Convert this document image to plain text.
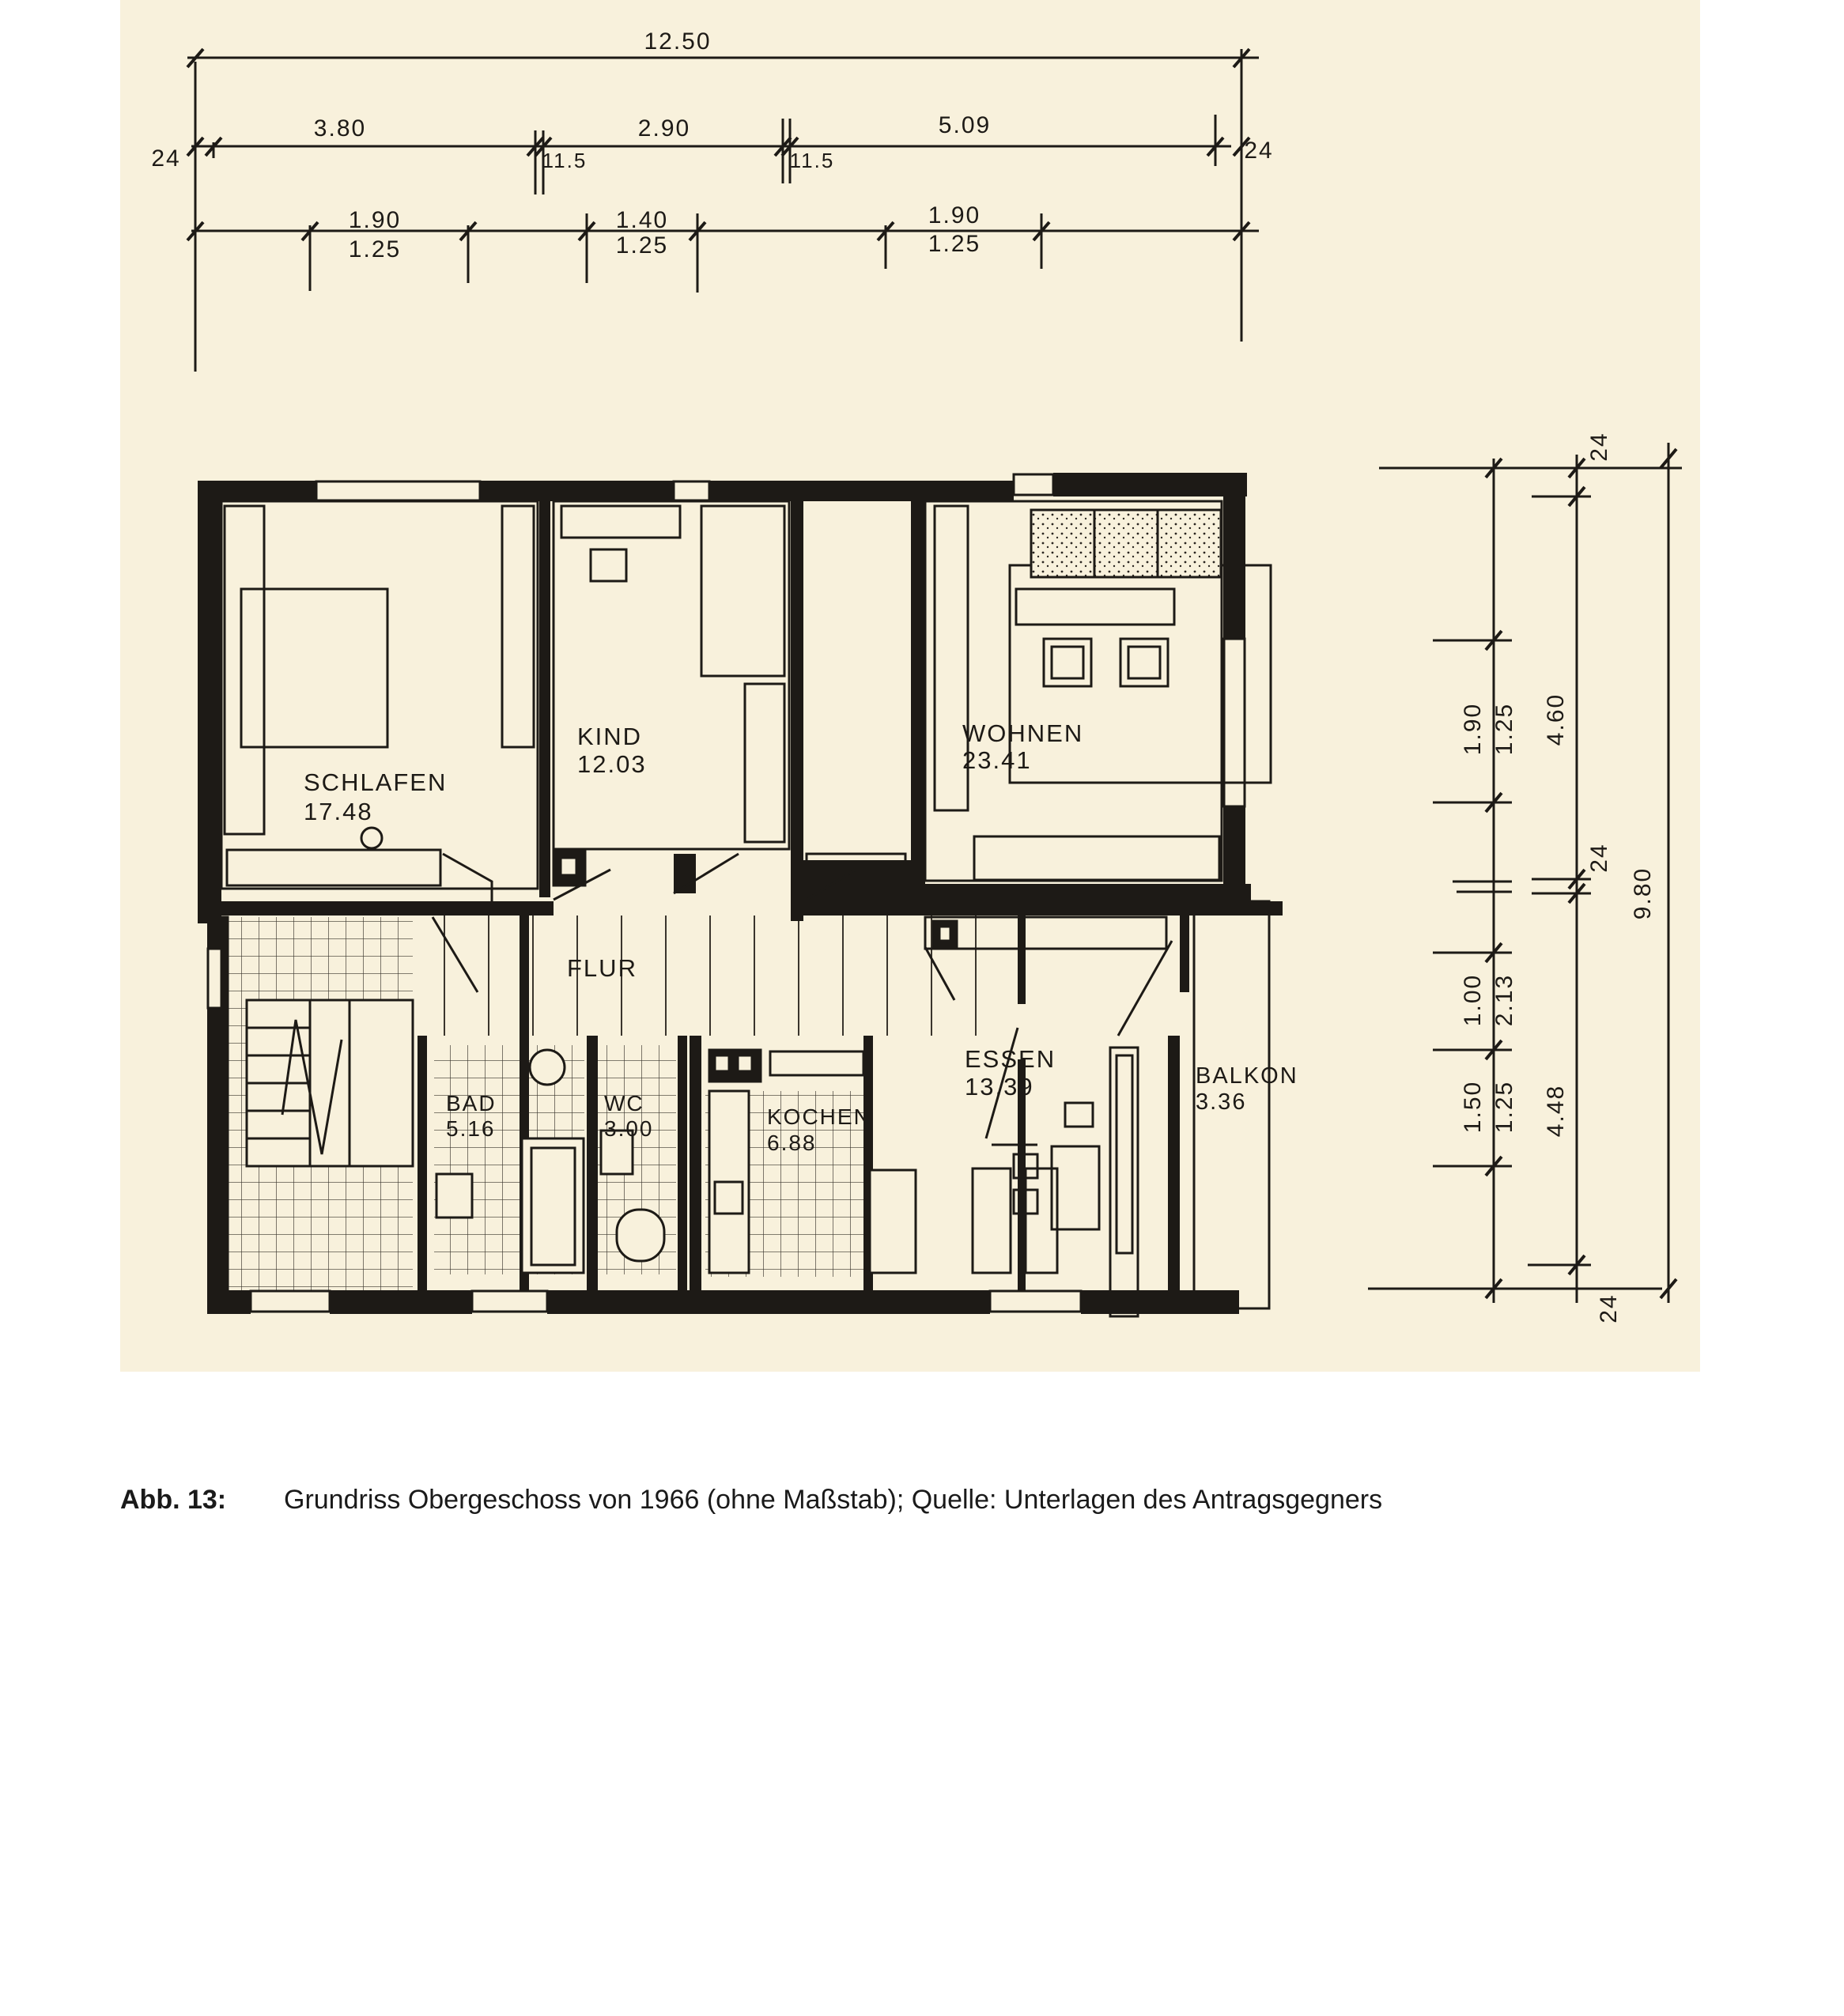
12.50
3.80	2.90	5.09
24	24
11.5	11.5
1.90
1.25
1.40
1.25
1.90
1.25
9.80
4.60
4.48
24
24
24
1.90 1.25
1.00 2.13
1.50 1.25
SCHLAFEN
17.48
KIND
12.03
WOHNEN
23.41
FLUR
BAD
5.16
WC
3.00	KOCHEN
6.88
ESSEN
13.39	BALKON
3.36
Abb. 13: Grundriss Obergeschoss von 1966 (ohne Maßstab); Quelle: Unterlagen des Antragsgegners
